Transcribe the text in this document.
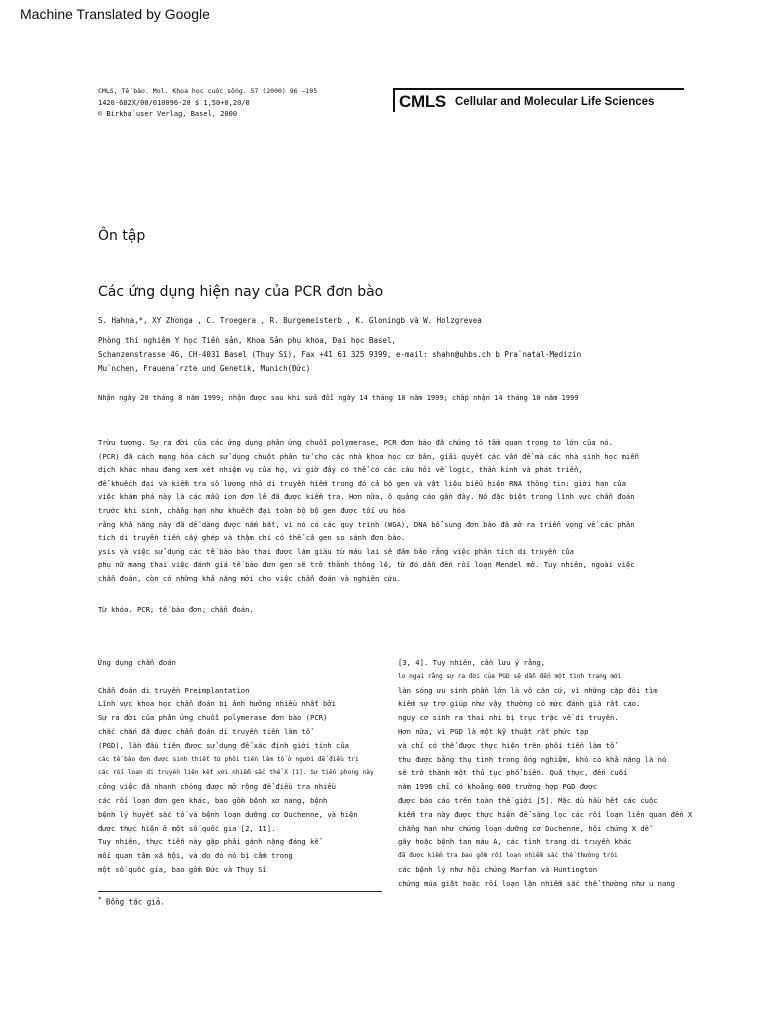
Machine Translated by Google
CMLS, Tế bào. Mol. Khoa học cuộc sống. 57 (2000) 96 –105
1420-682X/00/010096-20 $ 1,50+0,20/0
© Birkha¨user Verlag, Basel, 2000
CMLS Cellular and Molecular Life Sciences
Ôn tập
Các ứng dụng hiện nay của PCR đơn bào
S. Hahna,*, XY Zhonga , C. Troegera , R. Burgemeisterb , K. Gloningb và W. Holzgrevea
Phòng thí nghiệm Y học Tiền sản, Khoa Sản phụ khoa, Đại học Basel,
Schanzenstrasse 46, CH-4031 Basel (Thụy Sĩ), Fax +41 61 325 9399, e-mail: shahn@uhbs.ch b Pra¨natal-Medizin
Mu¨nchen, Frauena¨rzte und Genetik, Munich(Đức)
Nhận ngày 20 tháng 8 năm 1999; nhận được sau khi sửa đổi ngày 14 tháng 10 năm 1999; chấp nhận 14 tháng 10 năm 1999
Trừu tượng. Sự ra đời của các ứng dụng phản ứng chuỗi polymerase, PCR đơn bào đã chứng tỏ tầm quan trọng to lớn của nó.
(PCR) đã cách mạng hóa cách sử dụng chuột phân tử cho các nhà khoa học cơ bản, giải quyết các vấn đề mà các nhà sinh học miễn
dịch khác nhau đang xem xét nhiệm vụ của họ, vì giờ đây có thể có các câu hỏi về logic, thần kinh và phát triển,
để khuếch đại và kiểm tra số lượng nhỏ di truyền hiếm trong đó cả bộ gen và vật liệu biểu hiện RNA thông tin: giới hạn của
việc khám phá này là các mẫu ion đơn lẻ đã được kiểm tra. Hơn nữa, ô quảng cáo gần đây. Nó đặc biệt trong lĩnh vực chẩn đoán
trước khi sinh, chẳng hạn như khuếch đại toàn bộ bộ gen được tối ưu hóa
rằng khả năng này đã dễ dàng được nắm bắt, vì nó có các quy trình (WGA), DNA bổ sung đơn bào đã mở ra triển vọng về các phân
tích di truyền tiền cấy ghép và thậm chí có thể cả gen so sánh đơn bào.
ysis và việc sử dụng các tế bào bào thai được làm giàu từ máu lai sẽ đảm bảo rằng việc phân tích di truyền của
phụ nữ mang thai việc đánh giá tế bào đơn gen sẽ trở thành thông lệ, từ đó dẫn đến rối loạn Mendel mở. Tuy nhiên, ngoài việc
chẩn đoán, còn có những khả năng mới cho việc chẩn đoán và nghiên cứu.
Từ khóa. PCR; tế bào đơn; chẩn đoán.
Ứng dụng chẩn đoán
Chẩn đoán di truyền Preimplantation
Lĩnh vực khoa học chẩn đoán bị ảnh hưởng nhiều nhất bởi
Sự ra đời của phản ứng chuỗi polymerase đơn bào (PCR)
chắc chắn đã được chẩn đoán di truyền tiền làm tổ
(PGD), lần đầu tiên được sử dụng để xác định giới tính của
các tế bào đơn được sinh thiết từ phôi tiền làm tổ ở người để điều trị
các rối loạn di truyền liên kết với nhiễm sắc thể X [1]. Sự tiến phong này
công việc đã nhanh chóng được mở rộng để điều tra nhiều
các rối loạn đơn gen khác, bao gồm bệnh xơ nang, bệnh
bệnh lý huyết sắc tố và bệnh loạn dưỡng cơ Duchenne, và hiện
được thực hiện ở một số quốc gia [2, 11].
Tuy nhiên, thực tiễn này gặp phải gánh nặng đáng kể
mối quan tâm xã hội, và do đó nó bị cấm trong
một số quốc gia, bao gồm Đức và Thụy Sĩ
[3, 4]. Tuy nhiên, cần lưu ý rằng,
lo ngại rằng sự ra đời của PGD sẽ dẫn đến một tình trạng mới
làn sóng ưu sinh phần lớn là vô căn cứ, vì những cặp đôi tìm
kiếm sự trợ giúp như vậy thường có mức đánh giá rất cao.
nguy cơ sinh ra thai nhi bị trục trặc về di truyền.
Hơn nữa, vì PGD là một kỹ thuật rất phức tạp
và chỉ có thể được thực hiện trên phôi tiền làm tổ
thu được bằng thụ tinh trong ống nghiệm, khó có khả năng là nó
sẽ trở thành một thủ tục phổ biến. Quả thực, đến cuối
năm 1996 chỉ có khoảng 600 trường hợp PGD được
được báo cáo trên toàn thế giới [5]. Mặc dù hầu hết các cuộc
kiểm tra này được thực hiện để sàng lọc các rối loạn liên quan đến X
chẳng hạn như chứng loạn dưỡng cơ Duchenne, hội chứng X dễ
gãy hoặc bệnh tan máu A, các tình trạng di truyền khác
đã được kiểm tra bao gồm rối loạn nhiễm sắc thể thường trội
các bệnh lý như hội chứng Marfan và Huntington
chứng múa giật hoặc rối loạn lặn nhiễm sắc thể thường như u nang
* Đồng tác giả.
